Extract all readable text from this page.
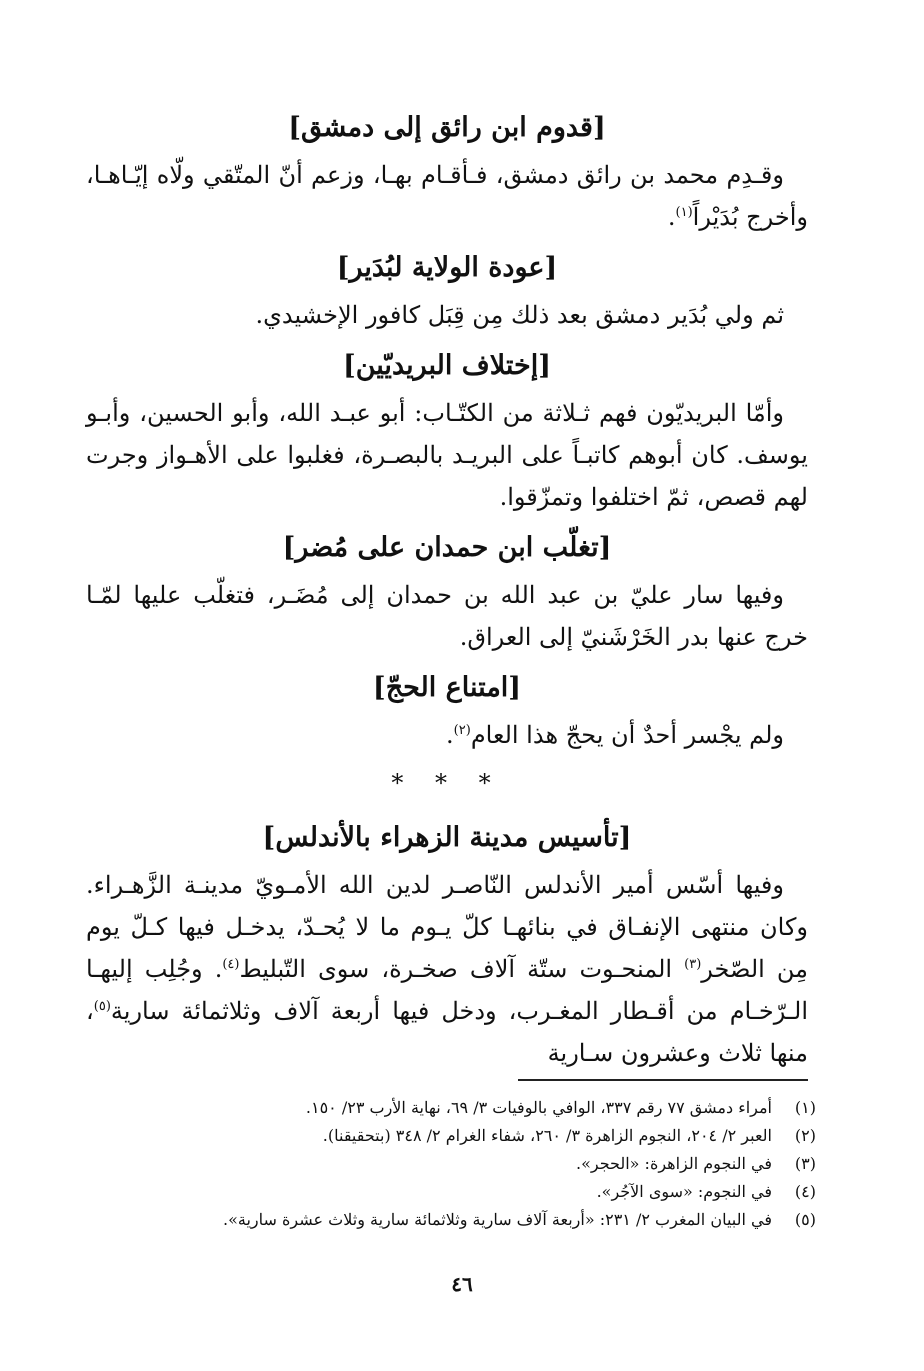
[قدوم ابن رائق إلى دمشق]

وقـدِم محمد بن رائق دمشق، فـأقـام بهـا، وزعم أنّ المتّقي ولّاه إيّـاهـا، وأخرج بُدَيْراً$^{(١)}$.

[عودة الولاية لبُدَير]

ثم ولي بُدَير دمشق بعد ذلك مِن قِبَل كافور الإخشيدي.

[إختلاف البريديّين]

وأمّا البريديّون فهم ثـلاثة من الكتّـاب: أبو عبـد الله، وأبو الحسين، وأبـو يوسف. كان أبوهم كاتبـاً على البريـد بالبصـرة، فغلبوا على الأهـواز وجرت لهم قصص، ثمّ اختلفوا وتمزّقوا.

[تغلّب ابن حمدان على مُضر]

وفيها سار عليّ بن عبد الله بن حمدان إلى مُضَـر، فتغلّب عليها لمّـا خرج عنها بدر الخَرْشَنيّ إلى العراق.

[امتناع الحجّ]

ولم يجْسر أحدٌ أن يحجّ هذا العام$^{(٢)}$.

* * *
[تأسيس مدينة الزهراء بالأندلس]

وفيها أسّس أمير الأندلس النّاصـر لدين الله الأمـويّ مدينـة الزَّهـراء. وكان منتهى الإنفـاق في بنائهـا كلّ يـوم ما لا يُحـدّ، يدخـل فيها كـلّ يوم مِن الصّخر$^{(٣)}$ المنحـوت ستّة آلاف صخـرة، سوى التّبليط$^{(٤)}$. وجُلِب إليهـا الـرّخـام من أقـطار المغـرب، ودخل فيها أربعة آلاف وثلاثمائة سارية$^{(٥)}$، منها ثلاث وعشرون سـارية

(١)
أمراء دمشق ٧٧ رقم ٣٣٧، الوافي بالوفيات ٣/ ٦٩، نهاية الأرب ٢٣/ ١٥٠.
(٢)
العبر ٢/ ٢٠٤، النجوم الزاهرة ٣/ ٢٦٠، شفاء الغرام ٢/ ٣٤٨ (بتحقيقنا).
(٣)
في النجوم الزاهرة: «الحجر».
(٤)
في النجوم: «سوى الآجُر».
(٥)
في البيان المغرب ٢/ ٢٣١: «أربعة آلاف سارية وثلاثمائة سارية وثلاث عشرة سارية».
٤٦
